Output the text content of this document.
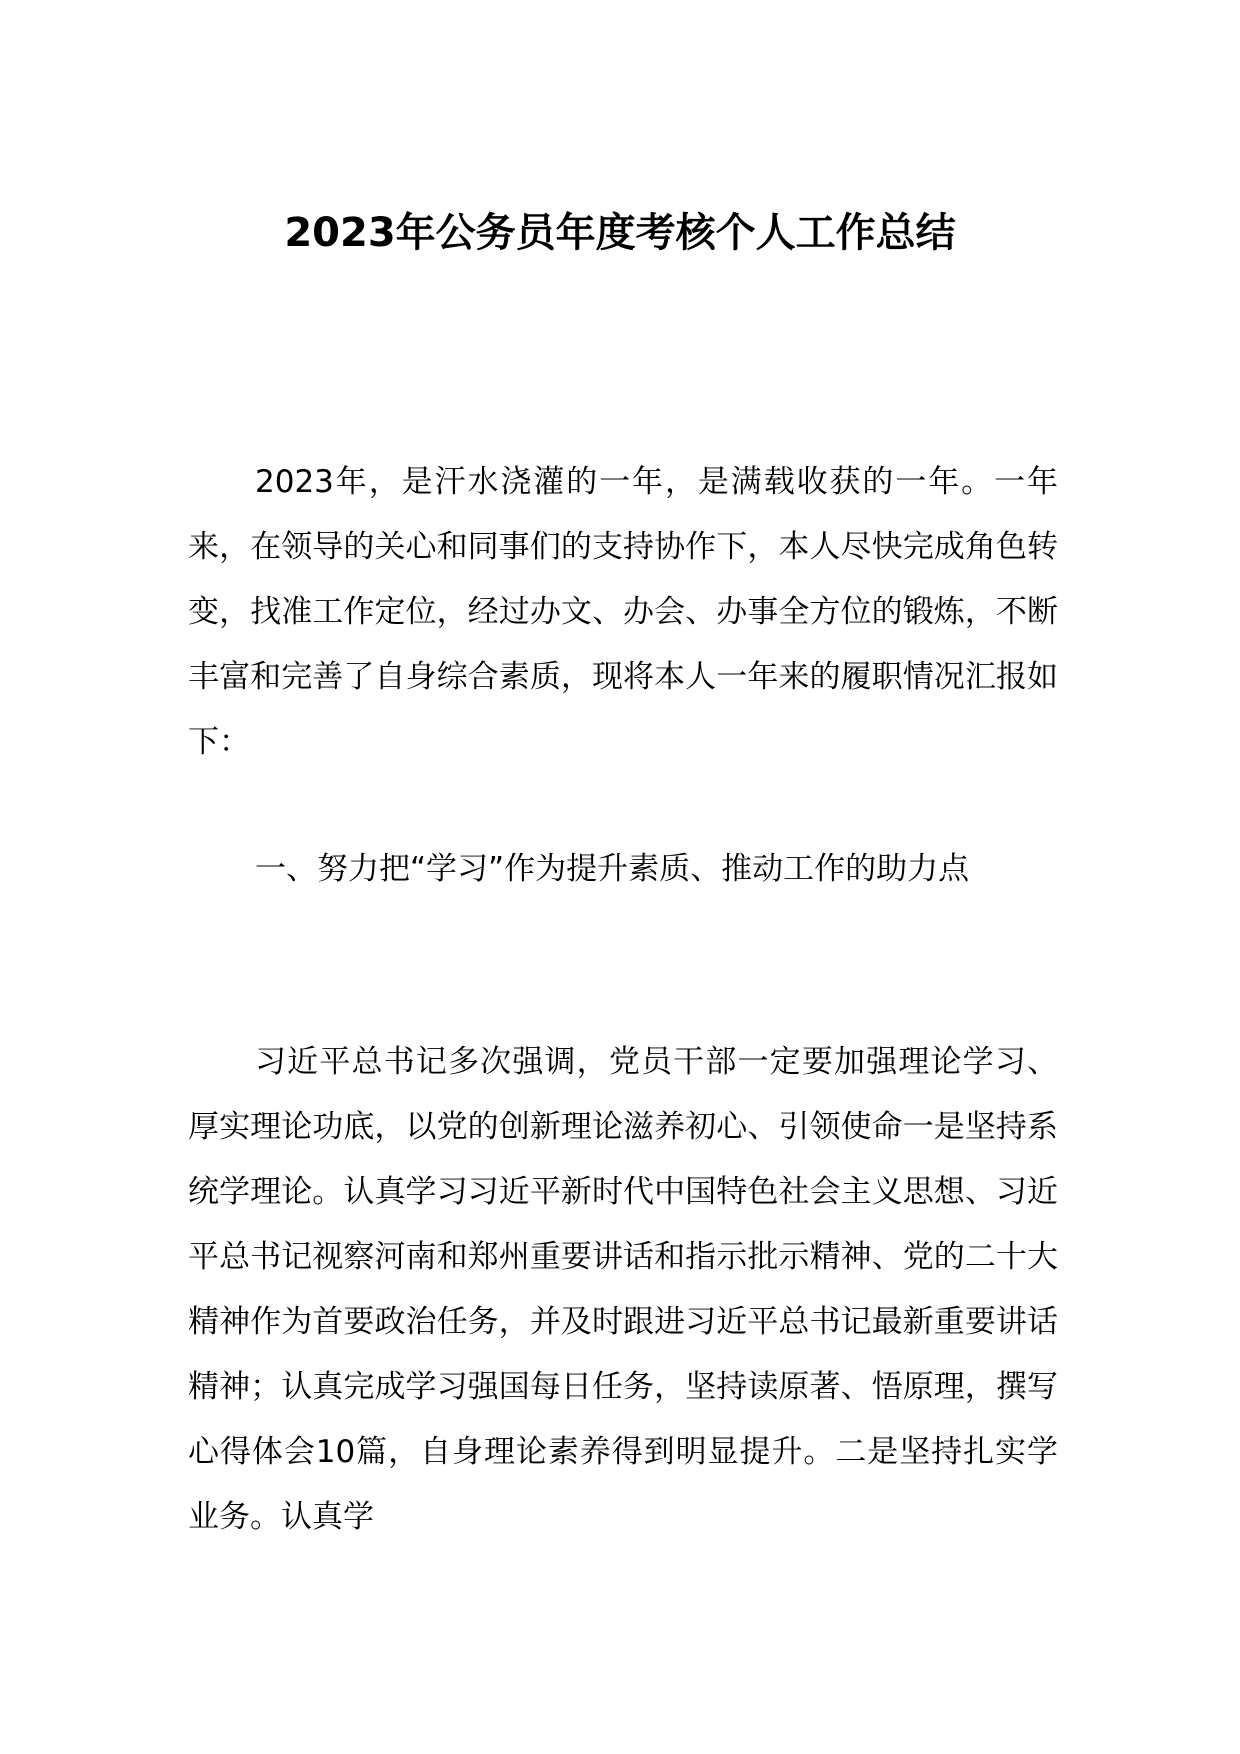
2023年公务员年度考核个人工作总结

2023年，是汗水浇灌的一年，是满载收获的一年。一年来，在领导的关心和同事们的支持协作下，本人尽快完成角色转变，找准工作定位，经过办文、办会、办事全方位的锻炼，不断丰富和完善了自身综合素质，现将本人一年来的履职情况汇报如下：

一、努力把“学习”作为提升素质、推动工作的助力点

习近平总书记多次强调，党员干部一定要加强理论学习、厚实理论功底，以党的创新理论滋养初心、引领使命一是坚持系统学理论。认真学习习近平新时代中国特色社会主义思想、习近平总书记视察河南和郑州重要讲话和指示批示精神、党的二十大精神作为首要政治任务，并及时跟进习近平总书记最新重要讲话精神；认真完成学习强国每日任务，坚持读原著、悟原理，撰写心得体会10篇，自身理论素养得到明显提升。二是坚持扎实学业务。认真学
